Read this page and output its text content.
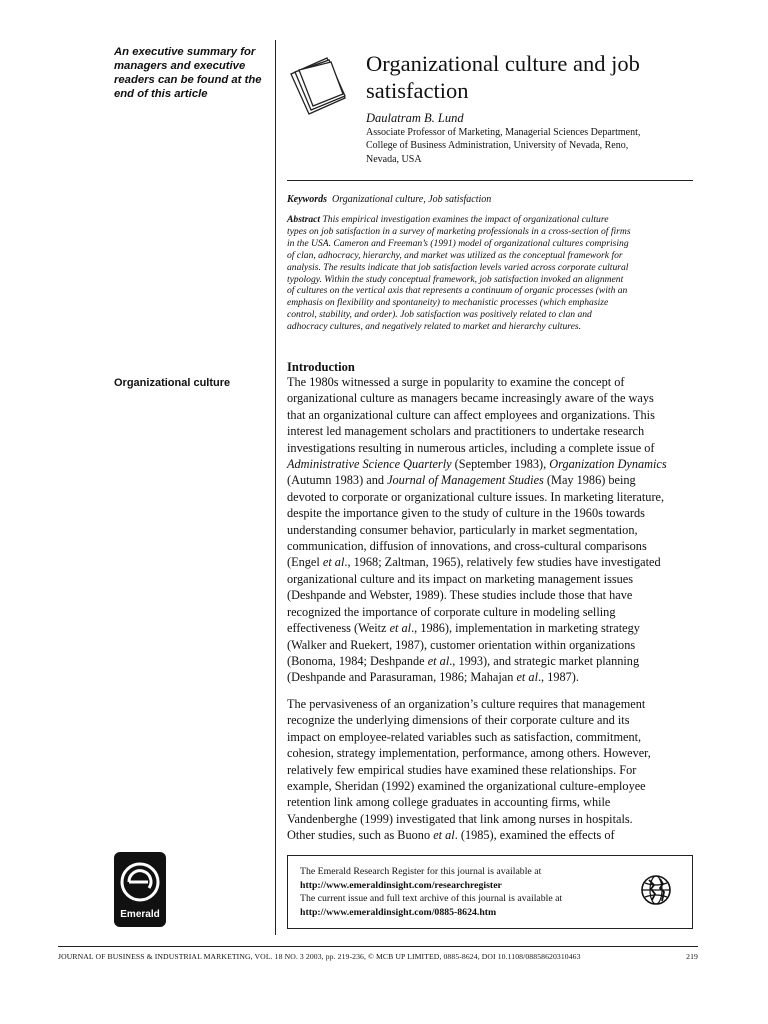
An executive summary for managers and executive readers can be found at the end of this article
Organizational culture
Organizational culture and job
satisfaction
Daulatram B. Lund
Associate Professor of Marketing, Managerial Sciences Department,
College of Business Administration, University of Nevada, Reno,
Nevada, USA
Keywords Organizational culture, Job satisfaction
Abstract This empirical investigation examines the impact of organizational culture
types on job satisfaction in a survey of marketing professionals in a cross-section of firms
in the USA. Cameron and Freeman’s (1991) model of organizational cultures comprising
of clan, adhocracy, hierarchy, and market was utilized as the conceptual framework for
analysis. The results indicate that job satisfaction levels varied across corporate cultural
typology. Within the study conceptual framework, job satisfaction invoked an alignment
of cultures on the vertical axis that represents a continuum of organic processes (with an
emphasis on flexibility and spontaneity) to mechanistic processes (which emphasize
control, stability, and order). Job satisfaction was positively related to clan and
adhocracy cultures, and negatively related to market and hierarchy cultures.
Introduction

The 1980s witnessed a surge in popularity to examine the concept of

organizational culture as managers became increasingly aware of the ways

that an organizational culture can affect employees and organizations. This

interest led management scholars and practitioners to undertake research

investigations resulting in numerous articles, including a complete issue of

Administrative Science Quarterly (September 1983), Organization Dynamics

(Autumn 1983) and Journal of Management Studies (May 1986) being

devoted to corporate or organizational culture issues. In marketing literature,

despite the importance given to the study of culture in the 1960s towards

understanding consumer behavior, particularly in market segmentation,

communication, diffusion of innovations, and cross-cultural comparisons

(Engel et al., 1968; Zaltman, 1965), relatively few studies have investigated

organizational culture and its impact on marketing management issues

(Deshpande and Webster, 1989). These studies include those that have

recognized the importance of corporate culture in modeling selling

effectiveness (Weitz et al., 1986), implementation in marketing strategy

(Walker and Ruekert, 1987), customer orientation within organizations

(Bonoma, 1984; Deshpande et al., 1993), and strategic market planning

(Deshpande and Parasuraman, 1986; Mahajan et al., 1987).

The pervasiveness of an organization’s culture requires that management

recognize the underlying dimensions of their corporate culture and its

impact on employee-related variables such as satisfaction, commitment,

cohesion, strategy implementation, performance, among others. However,

relatively few empirical studies have examined these relationships. For

example, Sheridan (1992) examined the organizational culture-employee

retention link among college graduates in accounting firms, while

Vandenberghe (1999) investigated that link among nurses in hospitals.

Other studies, such as Buono et al. (1985), examined the effects of

Emerald
The Emerald Research Register for this journal is available at
http://www.emeraldinsight.com/researchregister
The current issue and full text archive of this journal is available at
http://www.emeraldinsight.com/0885-8624.htm
JOURNAL OF BUSINESS & INDUSTRIAL MARKETING, VOL. 18 NO. 3 2003, pp. 219-236, © MCB UP LIMITED, 0885-8624, DOI 10.1108/08858620310463	219
